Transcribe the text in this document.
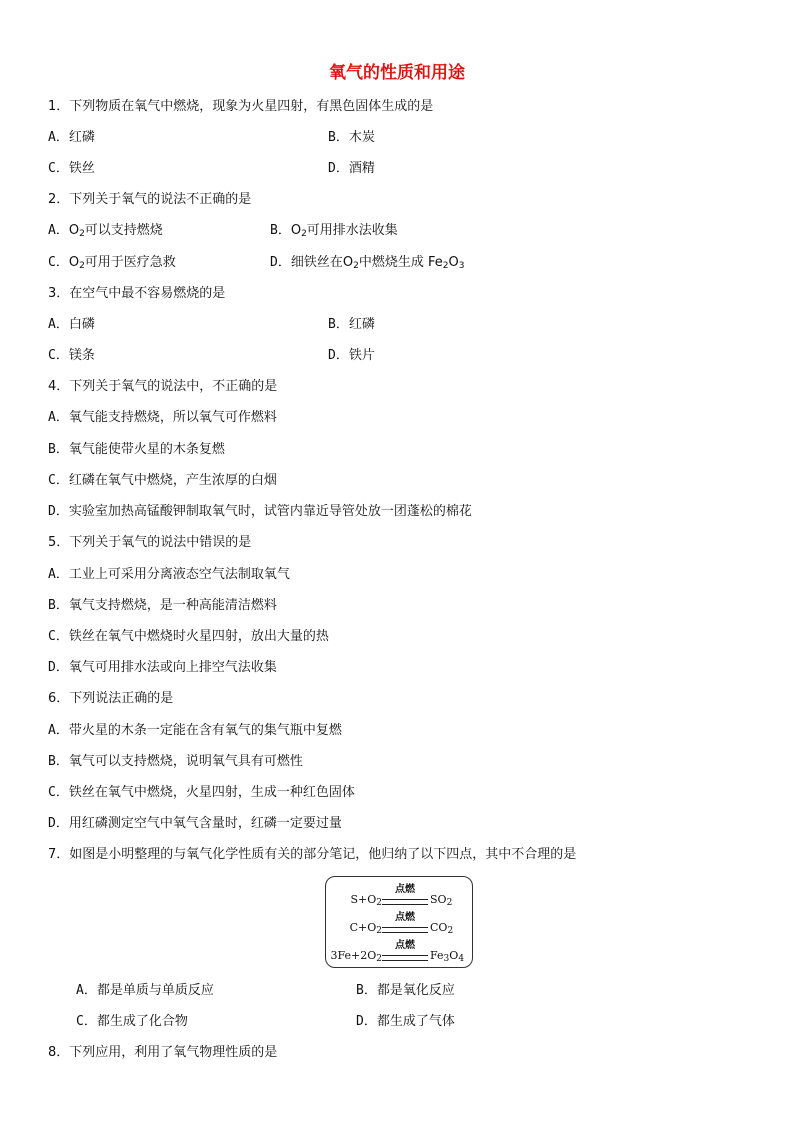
氧气的性质和用途
1．下列物质在氧气中燃烧，现象为火星四射，有黑色固体生成的是
A．红磷	B．木炭
C．铁丝	D．酒精
2．下列关于氧气的说法不正确的是
A．$O_2$可以支持燃烧	B．$O_2$可用排水法收集
C．$O_2$可用于医疗急救	D．细铁丝在$O_2$中燃烧生成 $Fe_2O_3$
3．在空气中最不容易燃烧的是
A．白磷	B．红磷
C．镁条	D．铁片
4．下列关于氧气的说法中，不正确的是
A．氧气能支持燃烧，所以氧气可作燃料
B．氧气能使带火星的木条复燃
C．红磷在氧气中燃烧，产生浓厚的白烟
D．实验室加热高锰酸钾制取氧气时，试管内靠近导管处放一团蓬松的棉花
5．下列关于氧气的说法中错误的是
A．工业上可采用分离液态空气法制取氧气
B．氧气支持燃烧，是一种高能清洁燃料
C．铁丝在氧气中燃烧时火星四射，放出大量的热
D．氧气可用排水法或向上排空气法收集
6．下列说法正确的是
A．带火星的木条一定能在含有氧气的集气瓶中复燃
B．氧气可以支持燃烧，说明氧气具有可燃性
C．铁丝在氧气中燃烧，火星四射，生成一种红色固体
D．用红磷测定空气中氧气含量时，红磷一定要过量
7．如图是小明整理的与氧气化学性质有关的部分笔记，他归纳了以下四点，其中不合理的是
点燃
$S+O_2$	$SO_2$
点燃
$C+O_2$	$CO_2$
点燃
$3Fe+2O_2$	$Fe_3O_4$
A．都是单质与单质反应	B．都是氧化反应
C．都生成了化合物	D．都生成了气体
8．下列应用，利用了氧气物理性质的是
